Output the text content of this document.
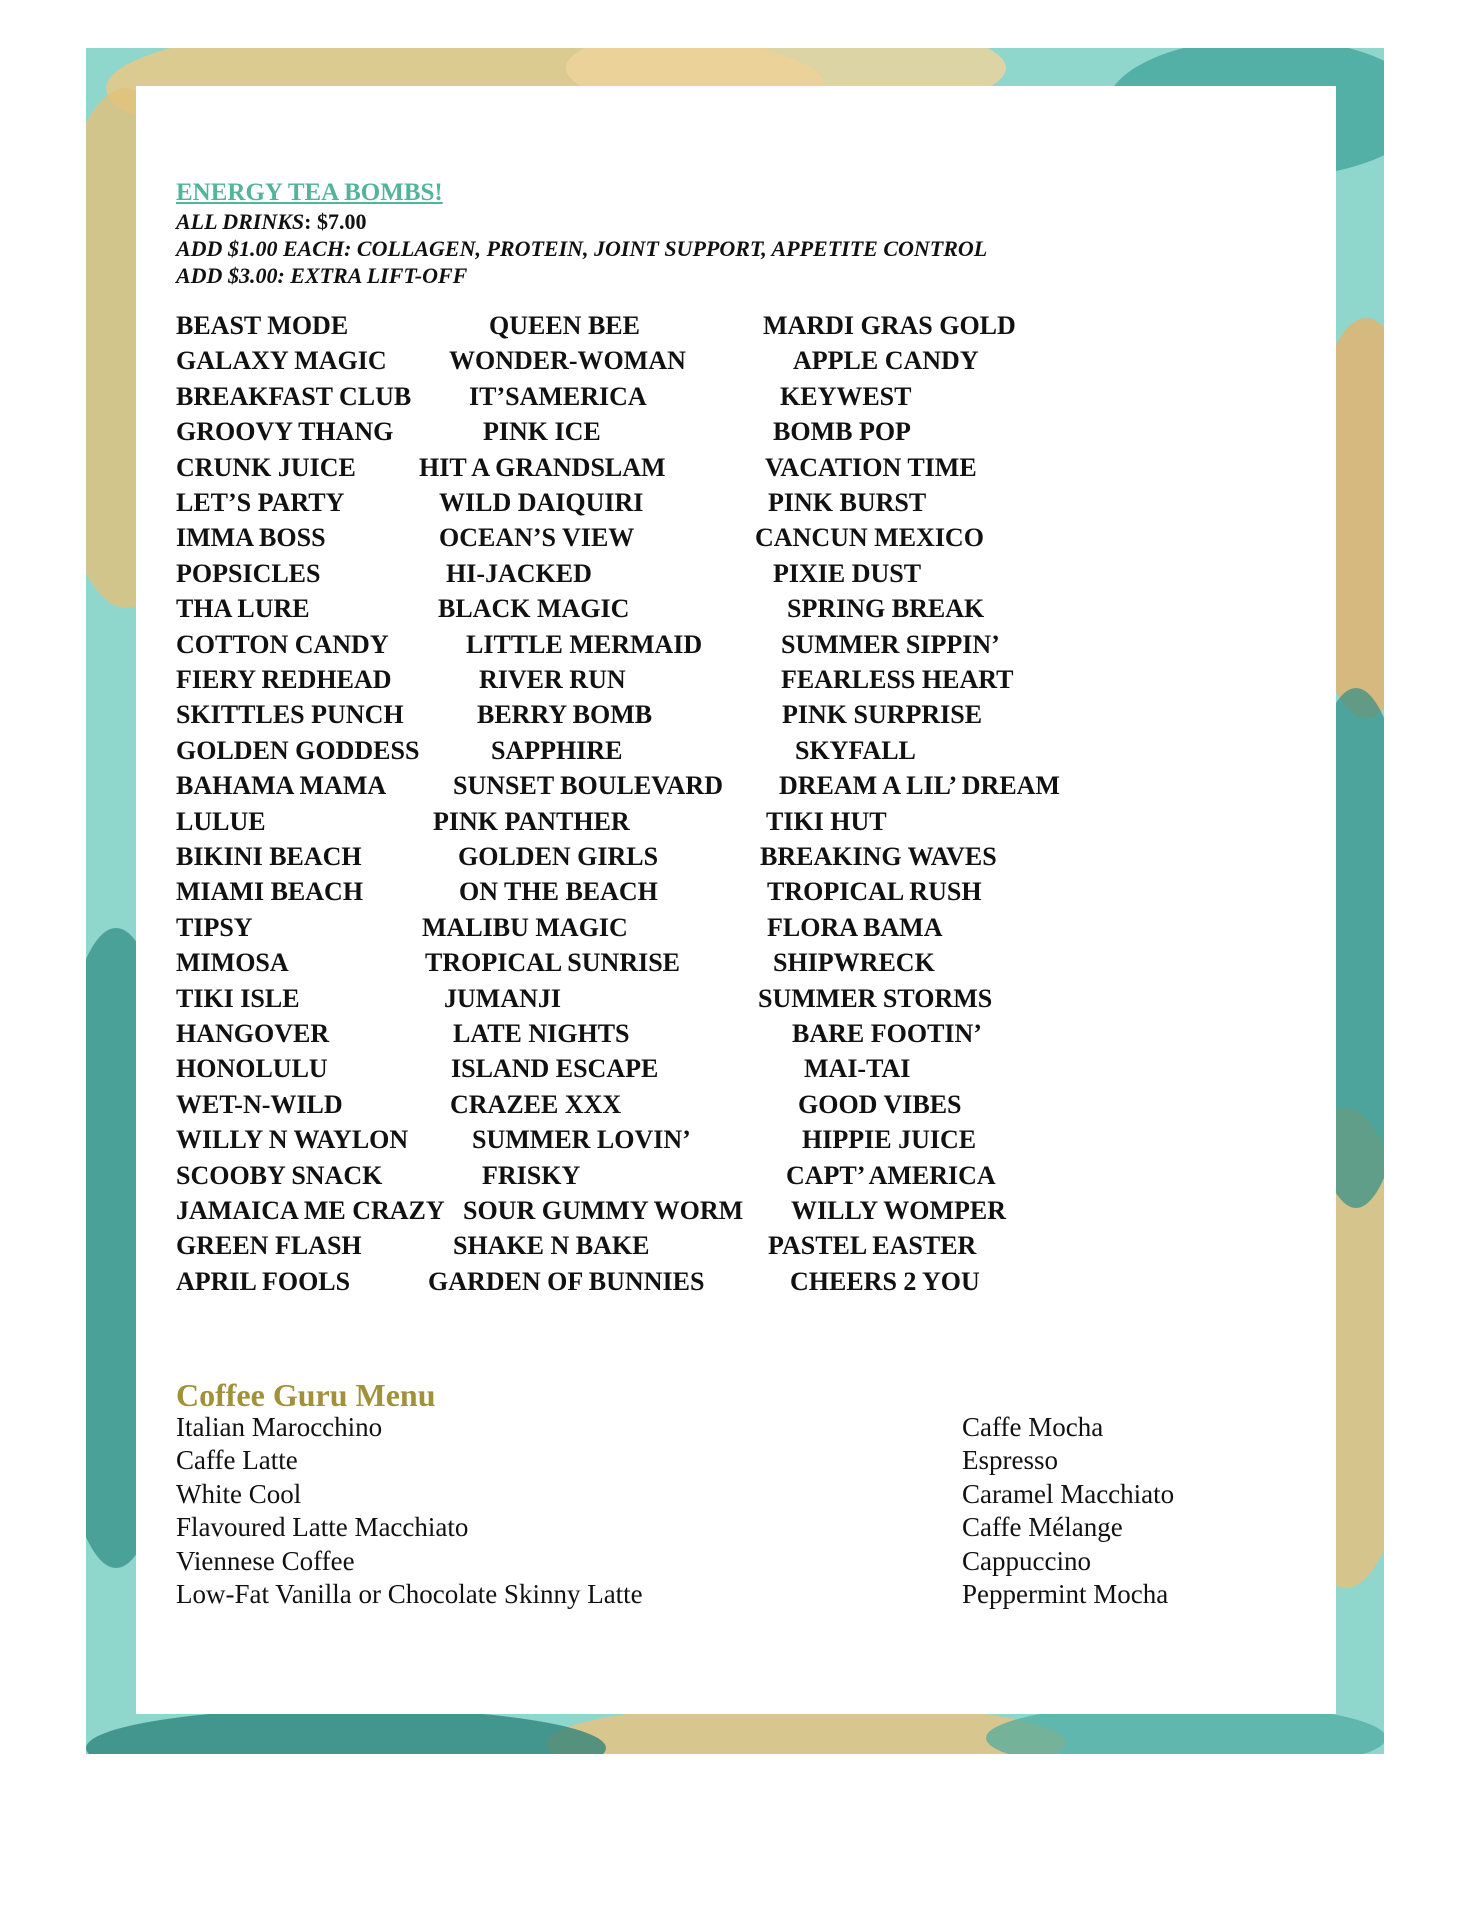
ENERGY TEA BOMBS!
ALL DRINKS: $7.00
ADD $1.00 EACH: COLLAGEN, PROTEIN, JOINT SUPPORT, APPETITE CONTROL
ADD $3.00: EXTRA LIFT-OFF
BEAST MODE
GALAXY MAGIC
BREAKFAST CLUB
GROOVY THANG
CRUNK JUICE
LET’S PARTY
IMMA BOSS
POPSICLES
THA LURE
COTTON CANDY
FIERY REDHEAD
SKITTLES PUNCH
GOLDEN GODDESS
BAHAMA MAMA
LULUE
BIKINI BEACH
MIAMI BEACH
TIPSY
MIMOSA
TIKI ISLE
HANGOVER
HONOLULU
WET-N-WILD
WILLY N WAYLON
SCOOBY SNACK
JAMAICA ME CRAZY
GREEN FLASH
APRIL FOOLS
QUEEN BEE
WONDER-WOMAN
IT’SAMERICA
PINK ICE
HIT A GRANDSLAM
WILD DAIQUIRI
OCEAN’S VIEW
HI-JACKED
BLACK MAGIC
LITTLE MERMAID
RIVER RUN
BERRY BOMB
SAPPHIRE
SUNSET BOULEVARD
PINK PANTHER
GOLDEN GIRLS
ON THE BEACH
MALIBU MAGIC
TROPICAL SUNRISE
JUMANJI
LATE NIGHTS
ISLAND ESCAPE
CRAZEE XXX
SUMMER LOVIN’
FRISKY
SOUR GUMMY WORM
SHAKE N BAKE
GARDEN OF BUNNIES
MARDI GRAS GOLD
APPLE CANDY
KEYWEST
BOMB POP
VACATION TIME
PINK BURST
CANCUN MEXICO
PIXIE DUST
SPRING BREAK
SUMMER SIPPIN’
FEARLESS HEART
PINK SURPRISE
SKYFALL
DREAM A LIL’ DREAM
TIKI HUT
BREAKING WAVES
TROPICAL RUSH
FLORA BAMA
SHIPWRECK
SUMMER STORMS
BARE FOOTIN’
MAI-TAI
GOOD VIBES
HIPPIE JUICE
CAPT’ AMERICA
WILLY WOMPER
PASTEL EASTER
CHEERS 2 YOU
Coffee Guru Menu
Italian Marocchino
Caffe Latte
White Cool
Flavoured Latte Macchiato
Viennese Coffee
Low-Fat Vanilla or Chocolate Skinny Latte
Caffe Mocha
Espresso
Caramel Macchiato
Caffe Mélange
Cappuccino
Peppermint Mocha
